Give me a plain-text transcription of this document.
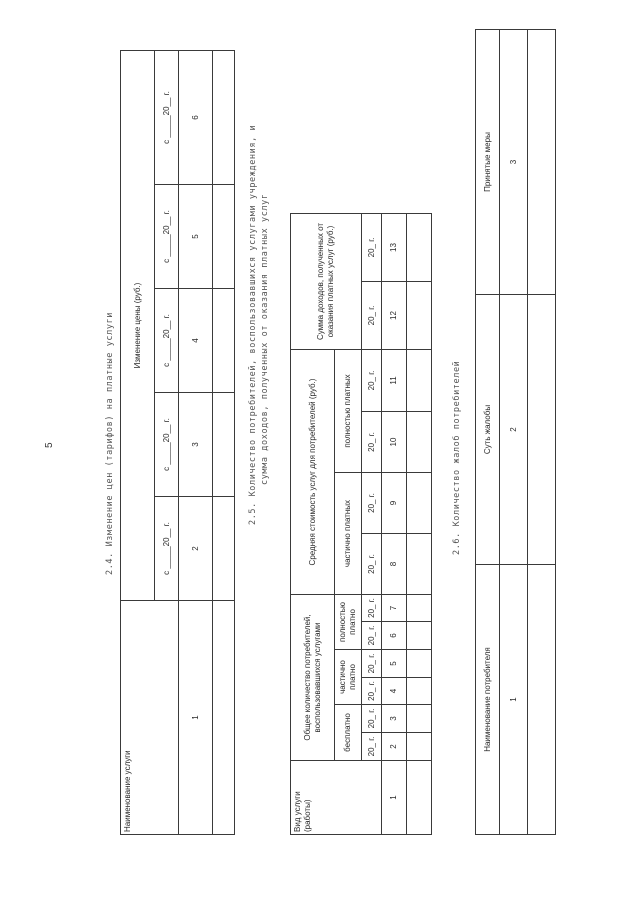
5	2.4. Изменение цен (тарифов) на платные услуги
Наименование услуги	Изменение цены (руб.)				
	с _____20__ г.	с _____20__ г.	с _____20__ г.	с _____20__ г.	с _____20__ г.
1	2	3	4	5	6

2.5. Количество потребителей, воспользовавшихся услугами учреждения, и сумма доходов, полученных от оказания платных услуг
Вид услуги (работы)	Общее количество потребителей, воспользовавшихся услугами						Средняя стоимость услуг для потребителей (руб.)				Сумма доходов, полученных от оказания платных услуг (руб.)	
	бесплатно		частично платно		полностью платно		частично платных		полностью платных			
	20_ г.	20_ г.	20_ г.	20_ г.	20_ г.	20_ г.	20_ г.	20_ г.	20_ г.	20_ г.	20_ г.	20_ г.
1	2	3	4	5	6	7	8	9	10	11	12	13

2.6. Количество жалоб потребителей
Наименование потребителя	Суть жалобы	Принятые меры
1	2	3
